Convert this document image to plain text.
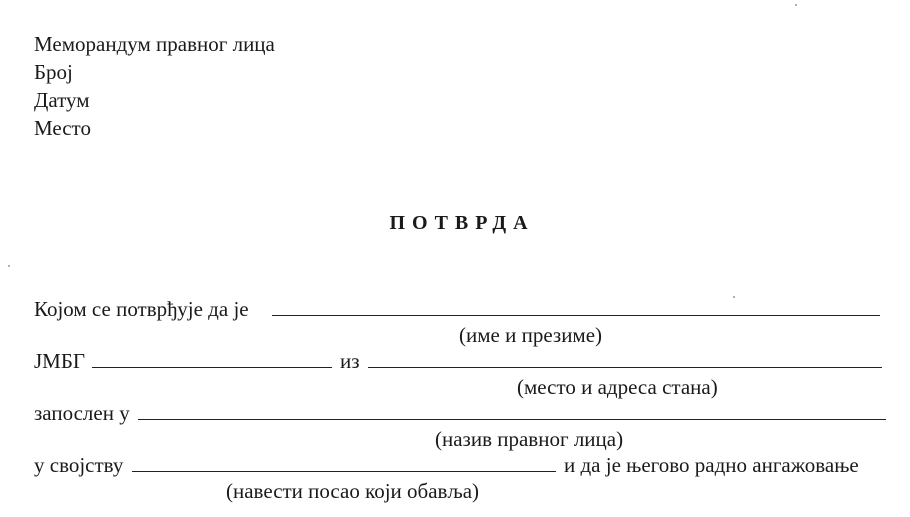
Меморандум правног лица
Број
Датум
Место
ПОТВРДА
Којом се потврђује да је
(име и презиме)
ЈМБГ	из
(место и адреса стана)
запослен у
(назив правног лица)
у својству	и да је његово радно ангажовање
(навести посао који обавља)
